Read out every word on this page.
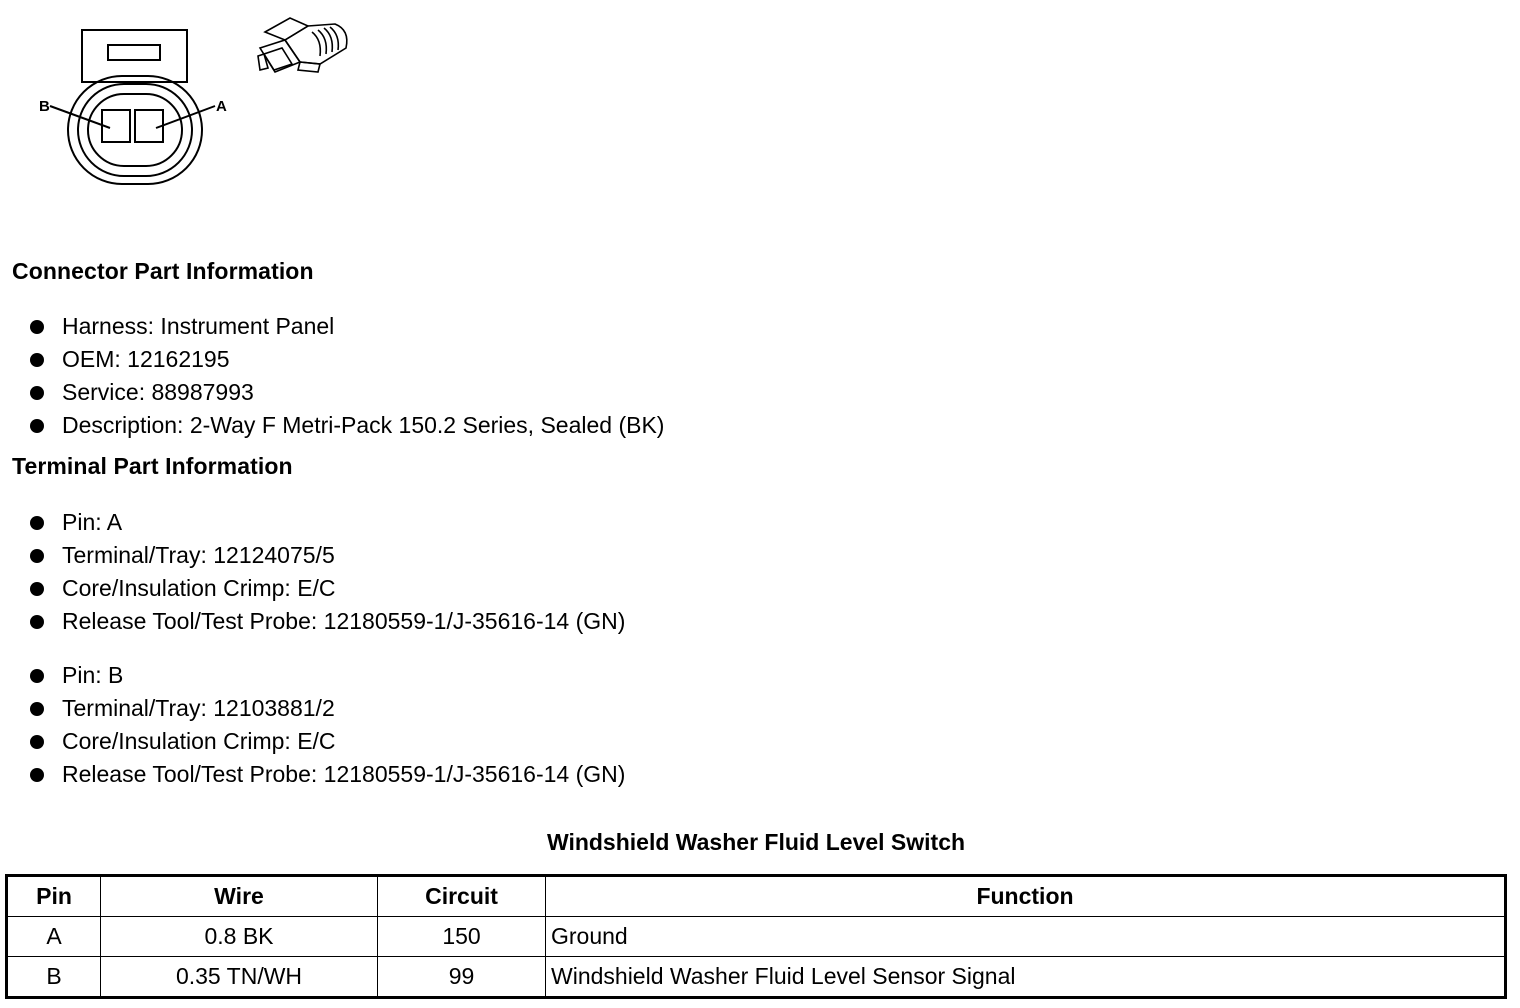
B	A
Connector Part Information
Harness: Instrument Panel
OEM: 12162195
Service: 88987993
Description: 2-Way F Metri-Pack 150.2 Series, Sealed (BK)
Terminal Part Information
Pin: A
Terminal/Tray: 12124075/5
Core/Insulation Crimp: E/C
Release Tool/Test Probe: 12180559-1/J-35616-14 (GN)
Pin: B
Terminal/Tray: 12103881/2
Core/Insulation Crimp: E/C
Release Tool/Test Probe: 12180559-1/J-35616-14 (GN)
Windshield Washer Fluid Level Switch
Pin	Wire	Circuit	Function
A	0.8 BK	150	Ground
B	0.35 TN/WH	99	Windshield Washer Fluid Level Sensor Signal
